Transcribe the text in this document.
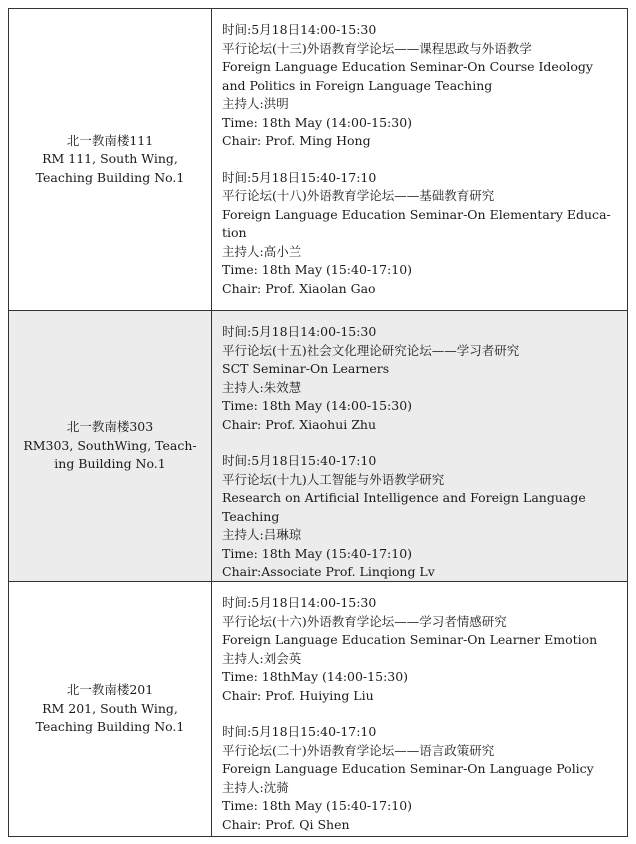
北一教南楼111
RM 111, South Wing,
Teaching Building No.1
时间:5月18日14:00-15:30
平行论坛(十三)外语教育学论坛——课程思政与外语教学
Foreign Language Education Seminar-On Course Ideology
and Politics in Foreign Language Teaching
主持人:洪明
Time: 18th May (14:00-15:30)
Chair: Prof. Ming Hong
时间:5月18日15:40-17:10
平行论坛(十八)外语教育学论坛——基础教育研究
Foreign Language Education Seminar-On Elementary Educa-
tion
主持人:高小兰
Time: 18th May (15:40-17:10)
Chair: Prof. Xiaolan Gao
北一教南楼303
RM303, SouthWing, Teach-
ing Building No.1
时间:5月18日14:00-15:30
平行论坛(十五)社会文化理论研究论坛——学习者研究
SCT Seminar-On Learners
主持人:朱效慧
Time: 18th May (14:00-15:30)
Chair: Prof. Xiaohui Zhu
时间:5月18日15:40-17:10
平行论坛(十九)人工智能与外语教学研究
Research on Artificial Intelligence and Foreign Language
Teaching
主持人:吕琳琼
Time: 18th May (15:40-17:10)
Chair:Associate Prof. Linqiong Lv
北一教南楼201
RM 201, South Wing,
Teaching Building No.1
时间:5月18日14:00-15:30
平行论坛(十六)外语教育学论坛——学习者情感研究
Foreign Language Education Seminar-On Learner Emotion
主持人:刘会英
Time: 18thMay (14:00-15:30)
Chair: Prof. Huiying Liu
时间:5月18日15:40-17:10
平行论坛(二十)外语教育学论坛——语言政策研究
Foreign Language Education Seminar-On Language Policy
主持人:沈骑
Time: 18th May (15:40-17:10)
Chair: Prof. Qi Shen
